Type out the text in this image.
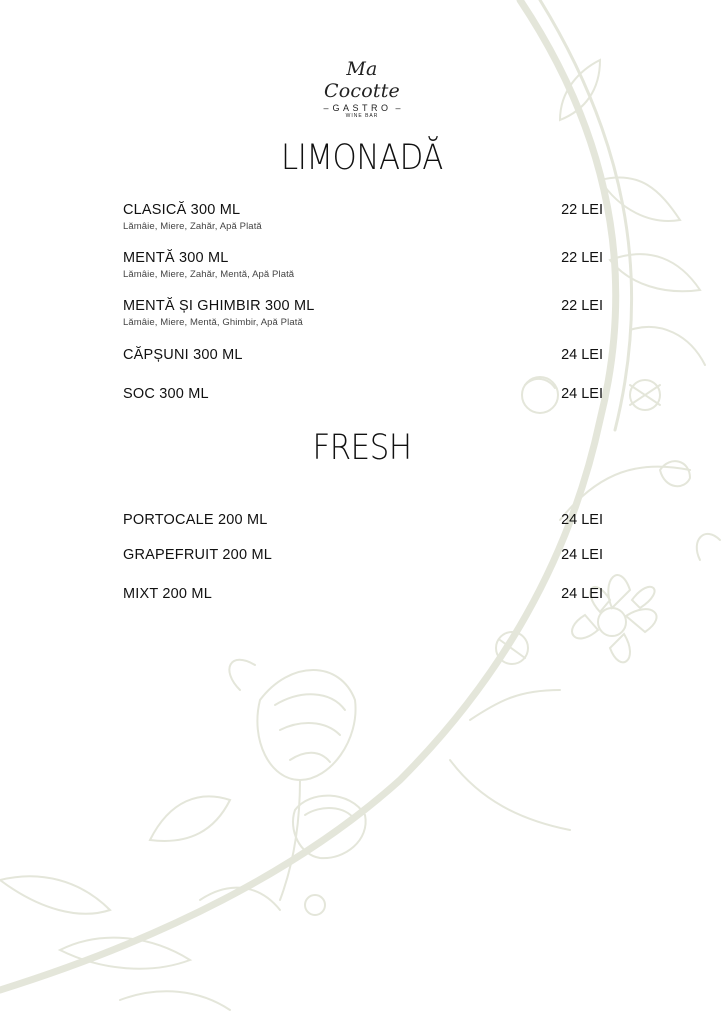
Ma Cocotte
– GASTRO –
WINE BAR
LIMONADĂ
CLASICĂ 300 ML	22 LEI
Lămâie, Miere, Zahăr, Apă Plată
MENTĂ 300 ML	22 LEI
Lămâie, Miere, Zahăr, Mentă, Apă Plată
MENTĂ ȘI GHIMBIR 300 ML	22 LEI
Lămâie, Miere, Mentă, Ghimbir, Apă Plată
CĂPȘUNI 300 ML	24 LEI
SOC 300 ML	24 LEI
FRESH
PORTOCALE 200 ML	24 LEI
GRAPEFRUIT 200 ML	24 LEI
MIXT 200 ML	24 LEI
